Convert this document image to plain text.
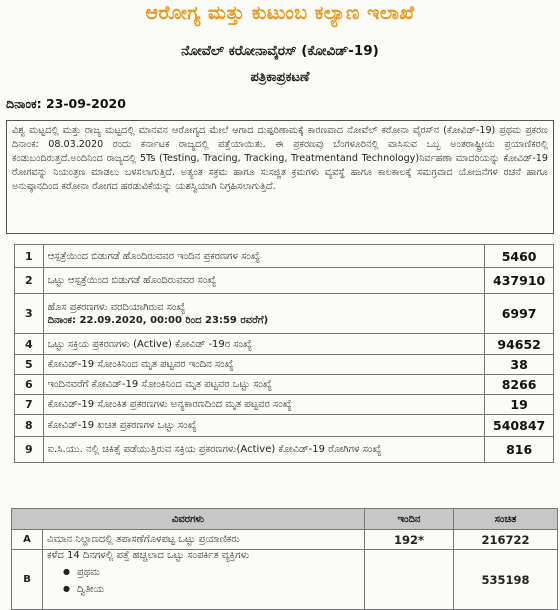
ಆರೋಗ್ಯ ಮತ್ತು ಕುಟುಂಬ ಕಲ್ಯಾಣ ಇಲಾಖೆ
ನೋವೆಲ್ ಕರೋನಾವೈರಸ್ (ಕೋವಿಡ್-19)
ಪತ್ರಿಕಾಪ್ರಕಟಣೆ
ದಿನಾಂಕ: 23-09-2020
ವಿಶ್ವ ಮಟ್ಟದಲ್ಲಿ ಮತ್ತು ರಾಜ್ಯ ಮಟ್ಟದಲ್ಲಿ ಮಾನವನ ಆರೋಗ್ಯದ ಮೇಲೆ ಆಗಾದ ದುಷ್ಪರಿಣಾಮಕ್ಕೆ ಕಾರಣವಾದ ನೋವೆಲ್ ಕರೋನಾ ವೈರಸ್‌ನ (ಕೋವಿಡ್-19) ಪ್ರಥಮ ಪ್ರಕರಣ ದಿನಾಂಕ: 08.03.2020 ರಂದು ಕರ್ನಾಟಕ ರಾಜ್ಯದಲ್ಲಿ ಪತ್ತೆಯಾಯಿತು. ಈ ಪ್ರಕರಣವು ಬೆಂಗಳೂರಿನಲ್ಲಿ ವಾಸಿಸುವ ಒಬ್ಬ ಅಂತರಾಷ್ಟ್ರೀಯ ಪ್ರಯಾಣಿಕರಲ್ಲಿ ಕಂಡುಬಂದಿರುತ್ತದೆ.ಅಂದಿನಿಂದ ರಾಜ್ಯದಲ್ಲಿ 5Ts (Testing, Tracing, Tracking, Treatmentand Technology)ನಿರ್ವಹಣಾ ಮಾದರಿಯನ್ನು ಕೋವಿಡ್-19 ರೋಗವನ್ನು ನಿಯಂತ್ರಣ ಮಾಡಲು ಬಳಸಲಾಗುತ್ತಿದೆ. ಅತ್ಯಂತ ಸಕ್ರಮ ಹಾಗೂ ಸುಸಜ್ಜಿತ ಕ್ರಮಗಳು ವ್ಯವಸ್ಥೆ ಹಾಗೂ ಕಾಲಕಾಲಕ್ಕೆ ಸಮಗ್ರವಾದ ಯೋಜನೆಗಳ ರಚನೆ ಹಾಗೂ ಅನುಷ್ಠಾನದಿಂದ ಕರೋನಾ ರೋಗದ ಹರಡುವಿಕೆಯನ್ನು ಯಶಸ್ವಿಯಾಗಿ ನಿಗ್ರಹಿಸಲಾಗುತ್ತಿದೆ.
1	ಆಸ್ಪತ್ರೆಯಿಂದ ಬಿಡುಗಡೆ ಹೊಂದಿರುವವರ ಇಂದಿನ ಪ್ರಕರಣಗಳ ಸಂಖ್ಯೆ	5460
2	ಒಟ್ಟು ಆಸ್ಪತ್ರೆಯಿಂದ ಬಿಡುಗಡೆ ಹೊಂದಿರುವವರ ಸಂಖ್ಯೆ	437910
3	ಹೊಸ ಪ್ರಕರಣಗಳು ವರದಿಯಾಗಿರುವ ಸಂಖ್ಯೆ
ದಿನಾಂಕ: 22.09.2020, 00:00 ರಿಂದ 23:59 ರವರೆಗೆ)	6997
4	ಒಟ್ಟು ಸಕ್ರಿಯ ಪ್ರಕರಣಗಳು (Active) ಕೋವಿಡ್ -19ರ ಸಂಖ್ಯೆ	94652
5	ಕೋವಿಡ್-19 ಸೋಂಕಿನಿಂದ ಮೃತ ಪಟ್ಟವರ ಇಂದಿನ ಸಂಖ್ಯೆ	38
6	ಇಂದಿನವರೆಗೆ ಕೋವಿಡ್-19 ಸೋಂಕಿನಿಂದ ಮೃತ ಪಟ್ಟವರ ಒಟ್ಟು ಸಂಖ್ಯೆ	8266
7	ಕೋವಿಡ್-19 ಸೋಂಕಿತ ಪ್ರಕರಣಗಳು ಅನ್ಯಕಾರಣದಿಂದ ಮೃತ ಪಟ್ಟವರ ಸಂಖ್ಯೆ	19
8	ಕೋವಿಡ್-19 ಖಚಿತ ಪ್ರಕರಣಗಳ ಒಟ್ಟು ಸಂಖ್ಯೆ	540847
9	ಐ.ಸಿ.ಯು. ನಲ್ಲಿ ಚಿಕಿತ್ಸೆ ಪಡೆಯುತ್ತಿರುವ ಸಕ್ರಿಯ ಪ್ರಕರಣಗಳು(Active) ಕೋವಿಡ್-19 ರೋಗಿಗಳ ಸಂಖ್ಯೆ	816
ವಿವರಗಳು		ಇಂದಿನ	ಸಂಚಿತ
A	ವಿಮಾನ ನಿಲ್ದಾಣದಲ್ಲಿ ತಪಾಸಣೆಗೊಳಪಟ್ಟ ಒಟ್ಟು ಪ್ರಯಾಣಿಕರು	192*	216722
B	ಕಳೆದ 14 ದಿನಗಳಲ್ಲಿ ಪತ್ತೆ ಹಚ್ಚಲಾದ ಒಟ್ಟು ಸಂಪರ್ಕಿತ ವ್ಯಕ್ತಿಗಳು
● ಪ್ರಥಮ
● ದ್ವಿತೀಯ		535198
